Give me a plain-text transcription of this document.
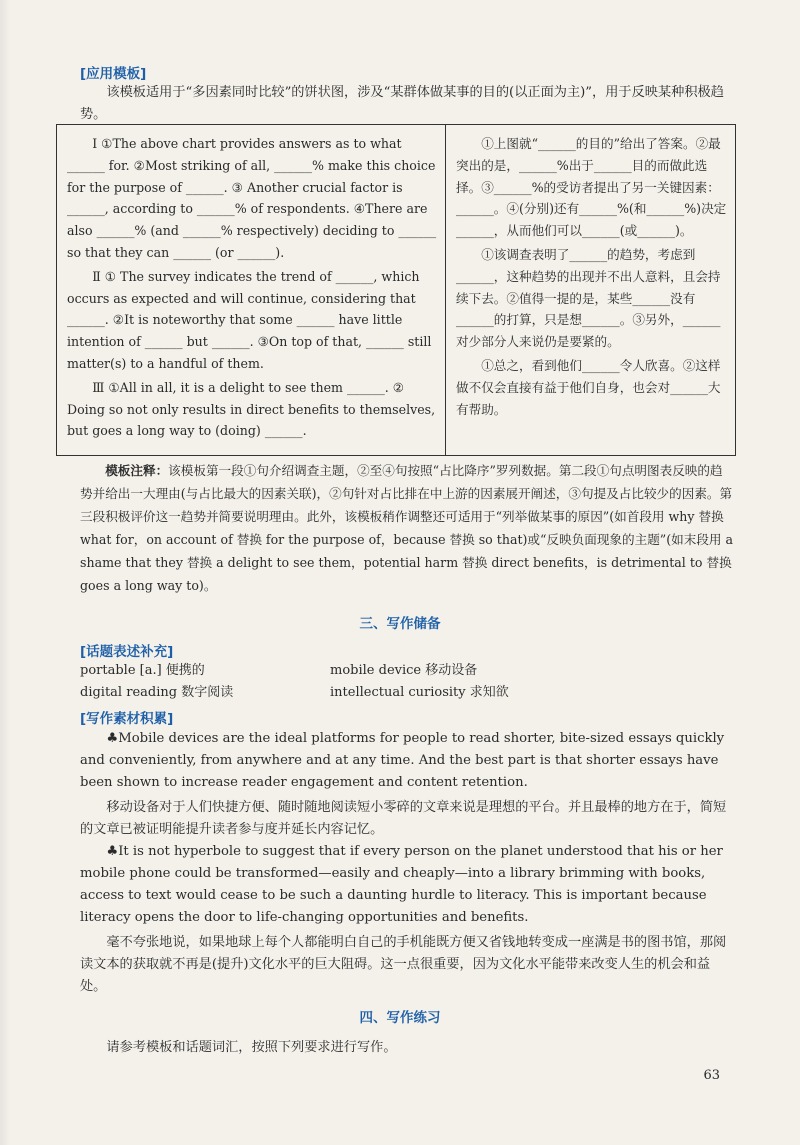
[应用模板]
该模板适用于“多因素同时比较”的饼状图，涉及“某群体做某事的目的(以正面为主)”，用于反映某种积极趋势。
Ⅰ ①The above chart provides answers as to what ______ for. ②Most striking of all, ______% make this choice for the purpose of ______. ③ Another crucial factor is ______, according to ______% of respondents. ④There are also ______% (and ______% respectively) deciding to ______ so that they can ______ (or ______).
Ⅱ ① The survey indicates the trend of ______, which occurs as expected and will continue, considering that ______. ②It is noteworthy that some ______ have little intention of ______ but ______. ③On top of that, ______ still matter(s) to a handful of them.
Ⅲ ①All in all, it is a delight to see them ______. ② Doing so not only results in direct benefits to themselves, but goes a long way to (doing) ______.

①上图就“______的目的”给出了答案。②最突出的是，______%出于______目的而做此选择。③______%的受访者提出了另一关键因素：______。④(分别)还有______%(和______%)决定______，从而他们可以______(或______)。
①该调查表明了______的趋势，考虑到______，这种趋势的出现并不出人意料，且会持续下去。②值得一提的是，某些______没有______的打算，只是想______。③另外，______对少部分人来说仍是要紧的。
①总之，看到他们______令人欣喜。②这样做不仅会直接有益于他们自身，也会对______大有帮助。
模板注释：该模板第一段①句介绍调查主题，②至④句按照“占比降序”罗列数据。第二段①句点明图表反映的趋势并给出一大理由(与占比最大的因素关联)，②句针对占比排在中上游的因素展开阐述，③句提及占比较少的因素。第三段积极评价这一趋势并简要说明理由。此外，该模板稍作调整还可适用于“列举做某事的原因”(如首段用 why 替换 what for，on account of 替换 for the purpose of，because 替换 so that)或“反映负面现象的主题”(如末段用 a shame that they 替换 a delight to see them，potential harm 替换 direct benefits，is detrimental to 替换 goes a long way to)。
三、写作储备
[话题表述补充]
portable [a.] 便携的	mobile device 移动设备
digital reading 数字阅读	intellectual curiosity 求知欲
[写作素材积累]
♣Mobile devices are the ideal platforms for people to read shorter, bite-sized essays quickly and conveniently, from anywhere and at any time. And the best part is that shorter essays have been shown to increase reader engagement and content retention.
移动设备对于人们快捷方便、随时随地阅读短小零碎的文章来说是理想的平台。并且最棒的地方在于，简短的文章已被证明能提升读者参与度并延长内容记忆。
♣It is not hyperbole to suggest that if every person on the planet understood that his or her mobile phone could be transformed—easily and cheaply—into a library brimming with books, access to text would cease to be such a daunting hurdle to literacy. This is important because literacy opens the door to life-changing opportunities and benefits.
毫不夸张地说，如果地球上每个人都能明白自己的手机能既方便又省钱地转变成一座满是书的图书馆，那阅读文本的获取就不再是(提升)文化水平的巨大阻碍。这一点很重要，因为文化水平能带来改变人生的机会和益处。
四、写作练习
请参考模板和话题词汇，按照下列要求进行写作。
63
